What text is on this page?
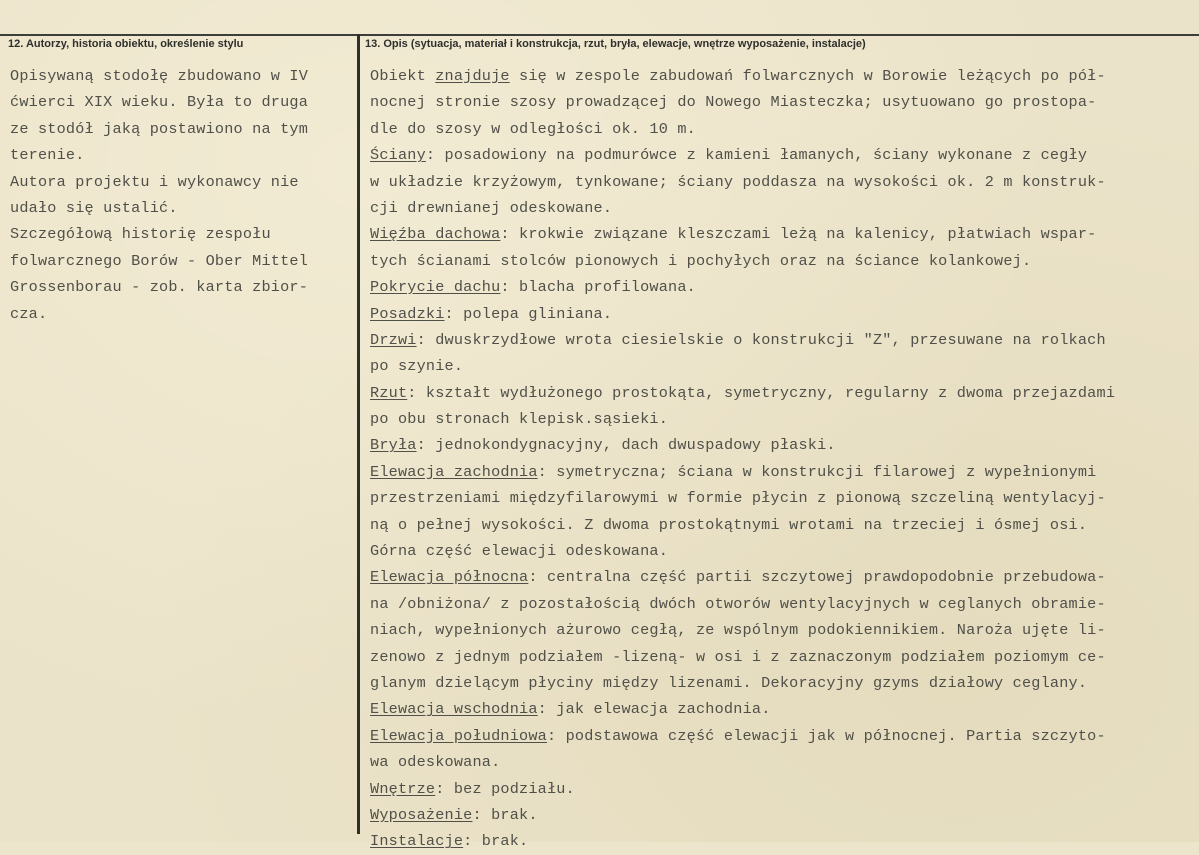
12. Autorzy, historia obiektu, określenie stylu	13. Opis (sytuacja, materiał i konstrukcja, rzut, bryła, elewacje, wnętrze wyposażenie, instalacje)
Opisywaną stodołę zbudowano w IV
ćwierci XIX wieku. Była to druga
ze stodół jaką postawiono na tym
terenie.
Autora projektu i wykonawcy nie
udało się ustalić.
Szczegółową historię zespołu
folwarcznego Borów - Ober Mittel
Grossenborau - zob. karta zbior-
cza.
Obiekt znajduje się w zespole zabudowań folwarcznych w Borowie leżących po pół-
nocnej stronie szosy prowadzącej do Nowego Miasteczka; usytuowano go prostopa-
dle do szosy w odległości ok. 10 m.
Ściany: posadowiony na podmurówce z kamieni łamanych, ściany wykonane z cegły
w układzie krzyżowym, tynkowane; ściany poddasza na wysokości ok. 2 m konstruk-
cji drewnianej odeskowane.
Więźba dachowa: krokwie związane kleszczami leżą na kalenicy, płatwiach wspar-
tych ścianami stolców pionowych i pochyłych oraz na ściance kolankowej.
Pokrycie dachu: blacha profilowana.
Posadzki: polepa gliniana.
Drzwi: dwuskrzydłowe wrota ciesielskie o konstrukcji "Z", przesuwane na rolkach
po szynie.
Rzut: kształt wydłużonego prostokąta, symetryczny, regularny z dwoma przejazdami
po obu stronach klepisk.sąsieki.
Bryła: jednokondygnacyjny, dach dwuspadowy płaski.
Elewacja zachodnia: symetryczna; ściana w konstrukcji filarowej z wypełnionymi
przestrzeniami międzyfilarowymi w formie płycin z pionową szczeliną wentylacyj-
ną o pełnej wysokości. Z dwoma prostokątnymi wrotami na trzeciej i ósmej osi.
Górna część elewacji odeskowana.
Elewacja północna: centralna część partii szczytowej prawdopodobnie przebudowa-
na /obniżona/ z pozostałością dwóch otworów wentylacyjnych w ceglanych obramie-
niach, wypełnionych ażurowo cegłą, ze wspólnym podokiennikiem. Naroża ujęte li-
zenowo z jednym podziałem -lizeną- w osi i z zaznaczonym podziałem poziomym ce-
glanym dzielącym płyciny między lizenami. Dekoracyjny gzyms działowy ceglany.
Elewacja wschodnia: jak elewacja zachodnia.
Elewacja południowa: podstawowa część elewacji jak w północnej. Partia szczyto-
wa odeskowana.
Wnętrze: bez podziału.
Wyposażenie: brak.
Instalacje: brak.
